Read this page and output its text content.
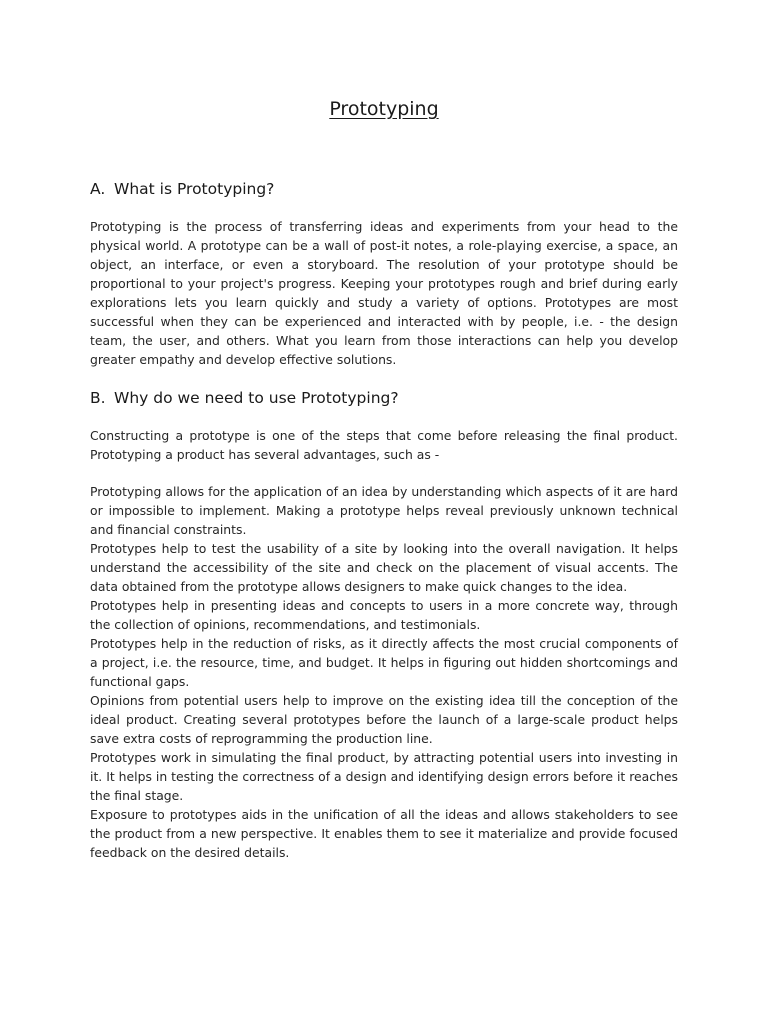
Prototyping
A. What is Prototyping?

Prototyping is the process of transferring ideas and experiments from your head to the physical world. A prototype can be a wall of post-it notes, a role-playing exercise, a space, an object, an interface, or even a storyboard. The resolution of your prototype should be proportional to your project's progress. Keeping your prototypes rough and brief during early explorations lets you learn quickly and study a variety of options. Prototypes are most successful when they can be experienced and interacted with by people, i.e. - the design team, the user, and others. What you learn from those interactions can help you develop greater empathy and develop effective solutions.

B. Why do we need to use Prototyping?

Constructing a prototype is one of the steps that come before releasing the final product. Prototyping a product has several advantages, such as -

Prototyping allows for the application of an idea by understanding which aspects of it are hard or impossible to implement. Making a prototype helps reveal previously unknown technical and financial constraints.

Prototypes help to test the usability of a site by looking into the overall navigation. It helps understand the accessibility of the site and check on the placement of visual accents. The data obtained from the prototype allows designers to make quick changes to the idea.

Prototypes help in presenting ideas and concepts to users in a more concrete way, through the collection of opinions, recommendations, and testimonials.

Prototypes help in the reduction of risks, as it directly affects the most crucial components of a project, i.e. the resource, time, and budget. It helps in figuring out hidden shortcomings and functional gaps.

Opinions from potential users help to improve on the existing idea till the conception of the ideal product. Creating several prototypes before the launch of a large-scale product helps save extra costs of reprogramming the production line.

Prototypes work in simulating the final product, by attracting potential users into investing in it. It helps in testing the correctness of a design and identifying design errors before it reaches the final stage.

Exposure to prototypes aids in the unification of all the ideas and allows stakeholders to see the product from a new perspective. It enables them to see it materialize and provide focused feedback on the desired details.
